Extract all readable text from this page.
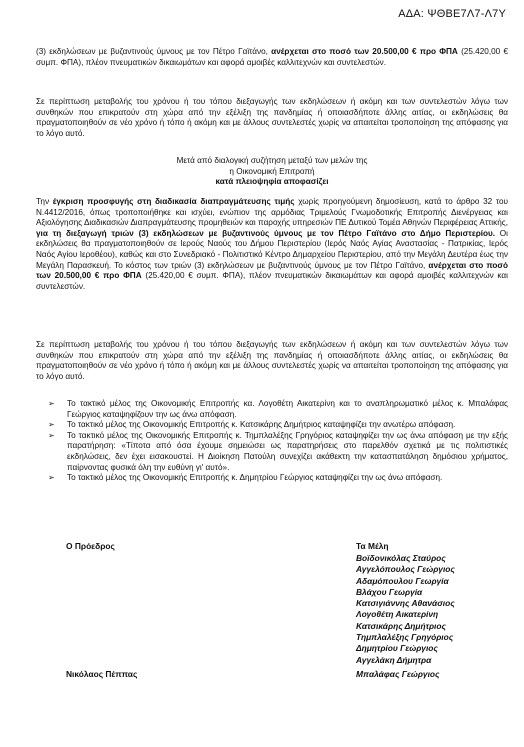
ΑΔΑ: ΨΘΒΕ7Λ7-Λ7Υ

(3) εκδηλώσεων με βυζαντινούς ύμνους με τον Πέτρο Γαϊτάνο, ανέρχεται στο ποσό των 20.500,00 € προ ΦΠΑ (25.420,00 € συμπ. ΦΠΑ), πλέον πνευματικών δικαιωμάτων και αφορά αμοιβές καλλιτεχνών και συντελεστών.

Σε περίπτωση μεταβολής του χρόνου ή του τόπου διεξαγωγής των εκδηλώσεων ή ακόμη και των συντελεστών λόγω των συνθηκών που επικρατούν στη χώρα από την εξέλιξη της πανδημίας ή οποιασδήποτε άλλης αιτίας, οι εκδηλώσεις θα πραγματοποιηθούν σε νέο χρόνο ή τόπο ή ακόμη και με άλλους συντελεστές χωρίς να απαιτείται τροποποίηση της απόφασης για το λόγο αυτό.

Μετά από διαλογική συζήτηση μεταξύ των μελών της
η Οικονομική Επιτροπή
κατά πλειοψηφία αποφασίζει

Την έγκριση προσφυγής στη διαδικασία διαπραγμάτευσης τιμής χωρίς προηγούμενη δημοσίευση, κατά το άρθρο 32 του Ν.4412/2016, όπως τροποποιήθηκε και ισχύει, ενώπιον της αρμόδιας Τριμελούς Γνωμοδοτικής Επιτροπής Διενέργειας και Αξιολόγησης Διαδικασιών Διαπραγμάτευσης προμηθειών και παροχής υπηρεσιών ΠΕ Δυτικού Τομέα Αθηνών Περιφέρειας Αττικής, για τη διεξαγωγή τριών (3) εκδηλώσεων με βυζαντινούς ύμνους με τον Πέτρο Γαϊτάνο στο Δήμο Περιστερίου. Οι εκδηλώσεις θα πραγματοποιηθούν σε Ιερούς Ναούς του Δήμου Περιστερίου (Ιερός Ναός Αγίας Αναστασίας - Πατρικίας, Ιερός Ναός Αγίου Ιεροθέου), καθώς και στο Συνεδριακό - Πολιτιστικό Κέντρο Δημαρχείου Περιστερίου, από την Μεγάλη Δευτέρα έως την Μεγάλη Παρασκευή. Το κόστος των τριών (3) εκδηλώσεων με βυζαντινούς ύμνους με τον Πέτρο Γαϊτάνο, ανέρχεται στο ποσό των 20.500,00 € προ ΦΠΑ (25.420,00 € συμπ. ΦΠΑ), πλέον πνευματικών δικαιωμάτων και αφορά αμοιβές καλλιτεχνών και συντελεστών.

Σε περίπτωση μεταβολής του χρόνου ή του τόπου διεξαγωγής των εκδηλώσεων ή ακόμη και των συντελεστών λόγω των συνθηκών που επικρατούν στη χώρα από την εξέλιξη της πανδημίας ή οποιασδήποτε άλλης αιτίας, οι εκδηλώσεις θα πραγματοποιηθούν σε νέο χρόνο ή τόπο ή ακόμη και με άλλους συντελεστές χωρίς να απαιτείται τροποποίηση της απόφασης για το λόγο αυτό.

➢ Το τακτικό μέλος της Οικονομικής Επιτροπής κα. Λογοθέτη Αικατερίνη και το αναπληρωματικό μέλος κ. Μπαλάφας Γεώργιος καταψηφίζουν την ως άνω απόφαση.
➢ Το τακτικό μέλος της Οικονομικής Επιτροπής κ. Κατσικάρης Δημήτριος καταψηφίζει την ανωτέρω απόφαση.
➢ Το τακτικό μέλος της Οικονομικής Επιτροπής κ. Τημπλαλέξης Γρηγόριος καταψηφίζει την ως άνω απόφαση με την εξής παρατήρηση: «Τίποτα από όσα έχουμε σημειώσει ως παρατηρήσεις στο παρελθόν σχετικά με τις πολιτιστικές εκδηλώσεις, δεν έχει εισακουστεί. Η Διοίκηση Πατούλη συνεχίζει ακάθεκτη την κατασπατάληση δημόσιου χρήματος, παίρνοντας φυσικά όλη την ευθύνη γι' αυτό».
➢ Το τακτικό μέλος της Οικονομικής Επιτροπής κ. Δημητρίου Γεώργιος καταψηφίζει την ως άνω απόφαση.
Ο Πρόεδρος	Τα Μέλη
Βοϊδονικόλας Σταύρος
Αγγελόπουλος Γεώργιος
Αδαμόπουλου Γεωργία
Βλάχου Γεωργία
Κατσιγιάννης Αθανάσιος
Λογοθέτη Αικατερίνη
Κατσικάρης Δημήτριος
Τημπλαλέξης Γρηγόριος
Δημητρίου Γεώργιος
Αγγελάκη Δήμητρα
Νικόλαος Πέππας	Μπαλάφας Γεώργιος
